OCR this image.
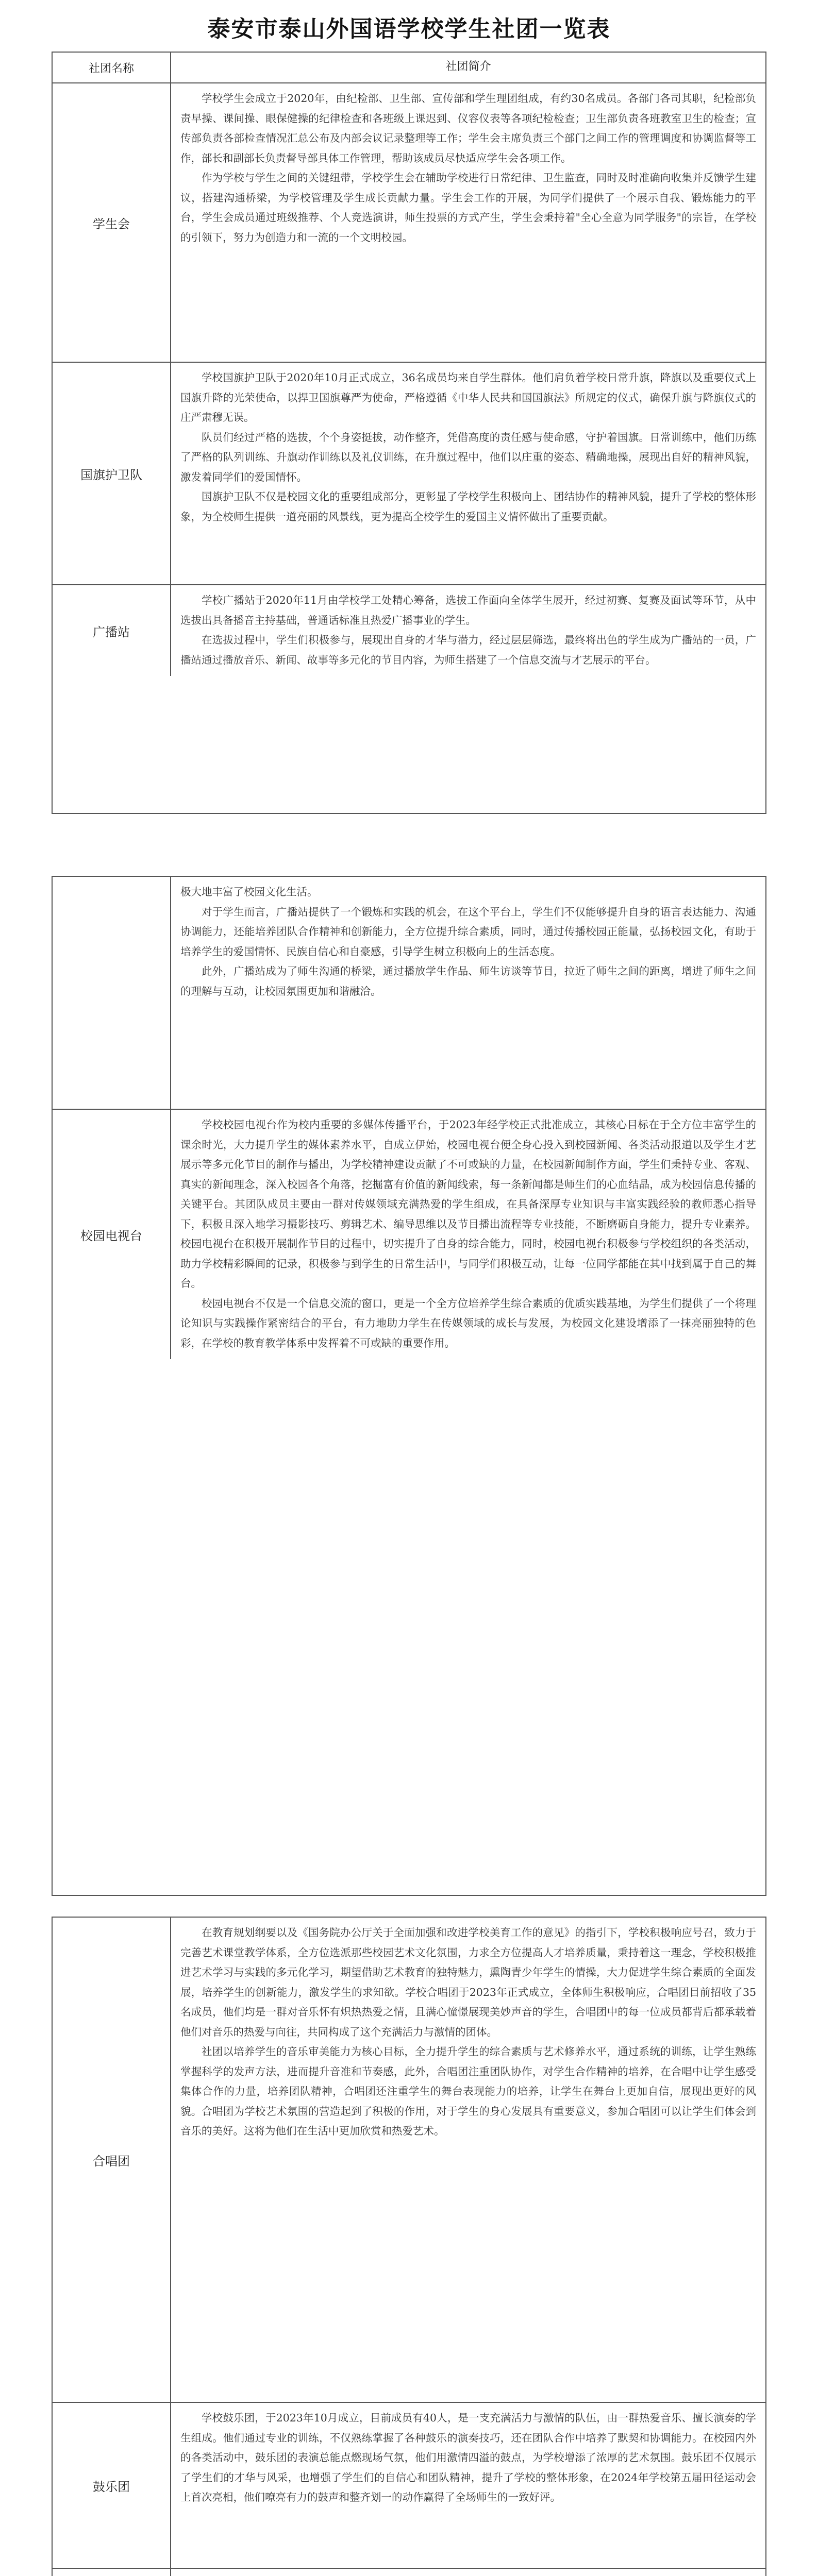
泰安市泰山外国语学校学生社团一览表
社团名称	社团简介
学生会

学校学生会成立于2020年，由纪检部、卫生部、宣传部和学生理团组成，有约30名成员。各部门各司其职，纪检部负责早操、课间操、眼保健操的纪律检查和各班级上课迟到、仪容仪表等各项纪检检查；卫生部负责各班教室卫生的检查；宣传部负责各部检查情况汇总公布及内部会议记录整理等工作；学生会主席负责三个部门之间工作的管理调度和协调监督等工作，部长和副部长负责督导部具体工作管理，帮助该成员尽快适应学生会各项工作。

作为学校与学生之间的关键纽带，学校学生会在辅助学校进行日常纪律、卫生监查，同时及时准确向收集并反馈学生建议，搭建沟通桥梁，为学校管理及学生成长贡献力量。学生会工作的开展，为同学们提供了一个展示自我、锻炼能力的平台，学生会成员通过班级推荐、个人竞选演讲，师生投票的方式产生，学生会秉持着"全心全意为同学服务"的宗旨，在学校的引领下，努力为创造力和一流的一个文明校园。

国旗护卫队

学校国旗护卫队于2020年10月正式成立，36名成员均来自学生群体。他们肩负着学校日常升旗，降旗以及重要仪式上国旗升降的光荣使命，以捍卫国旗尊严为使命，严格遵循《中华人民共和国国旗法》所规定的仪式，确保升旗与降旗仪式的庄严肃穆无误。

队员们经过严格的选拔，个个身姿挺拔，动作整齐，凭借高度的责任感与使命感，守护着国旗。日常训练中，他们历练了严格的队列训练、升旗动作训练以及礼仪训练，在升旗过程中，他们以庄重的姿态、精确地操，展现出自好的精神风貌，激发着同学们的爱国情怀。

国旗护卫队不仅是校园文化的重要组成部分，更彰显了学校学生积极向上、团结协作的精神风貌，提升了学校的整体形象，为全校师生提供一道亮丽的风景线，更为提高全校学生的爱国主义情怀做出了重要贡献。

广播站

学校广播站于2020年11月由学校学工处精心筹备，选拔工作面向全体学生展开，经过初赛、复赛及面试等环节，从中选拔出具备播音主持基础，普通话标准且热爱广播事业的学生。

在选拔过程中，学生们积极参与，展现出自身的才华与潜力，经过层层筛选，最终将出色的学生成为广播站的一员，广播站通过播放音乐、新闻、故事等多元化的节目内容，为师生搭建了一个信息交流与才艺展示的平台。

极大地丰富了校园文化生活。

对于学生而言，广播站提供了一个锻炼和实践的机会，在这个平台上，学生们不仅能够提升自身的语言表达能力、沟通协调能力，还能培养团队合作精神和创新能力，全方位提升综合素质，同时，通过传播校园正能量，弘扬校园文化，有助于培养学生的爱国情怀、民族自信心和自豪感，引导学生树立积极向上的生活态度。

此外，广播站成为了师生沟通的桥梁，通过播放学生作品、师生访谈等节目，拉近了师生之间的距离，增进了师生之间的理解与互动，让校园氛围更加和谐融洽。

校园电视台

学校校园电视台作为校内重要的多媒体传播平台，于2023年经学校正式批准成立，其核心目标在于全方位丰富学生的课余时光，大力提升学生的媒体素养水平，自成立伊始，校园电视台便全身心投入到校园新闻、各类活动报道以及学生才艺展示等多元化节目的制作与播出，为学校精神建设贡献了不可或缺的力量，在校园新闻制作方面，学生们秉持专业、客观、真实的新闻理念，深入校园各个角落，挖掘富有价值的新闻线索，每一条新闻都是师生们的心血结晶，成为校园信息传播的关键平台。其团队成员主要由一群对传媒领域充满热爱的学生组成，在具备深厚专业知识与丰富实践经验的教师悉心指导下，积极且深入地学习摄影技巧、剪辑艺术、编导思维以及节目播出流程等专业技能，不断磨砺自身能力，提升专业素养。校园电视台在积极开展制作节目的过程中，切实提升了自身的综合能力，同时，校园电视台积极参与学校组织的各类活动，助力学校精彩瞬间的记录，积极参与到学生的日常生活中，与同学们积极互动，让每一位同学都能在其中找到属于自己的舞台。

校园电视台不仅是一个信息交流的窗口，更是一个全方位培养学生综合素质的优质实践基地，为学生们提供了一个将理论知识与实践操作紧密结合的平台，有力地助力学生在传媒领域的成长与发展，为校园文化建设增添了一抹亮丽独特的色彩，在学校的教育教学体系中发挥着不可或缺的重要作用。

合唱团

在教育规划纲要以及《国务院办公厅关于全面加强和改进学校美育工作的意见》的指引下，学校积极响应号召，致力于完善艺术课堂教学体系，全方位选派那些校园艺术文化氛围，力求全方位提高人才培养质量，秉持着这一理念，学校积极推进艺术学习与实践的多元化学习，期望借助艺术教育的独特魅力，熏陶青少年学生的情操，大力促进学生综合素质的全面发展，培养学生的创新能力，激发学生的求知欲。学校合唱团于2023年正式成立，全体师生积极响应，合唱团目前招收了35名成员，他们均是一群对音乐怀有炽热热爱之情，且满心憧憬展现美妙声音的学生，合唱团中的每一位成员都背后都承载着他们对音乐的热爱与向往，共同构成了这个充满活力与激情的团体。

社团以培养学生的音乐审美能力为核心目标，全力提升学生的综合素质与艺术修养水平，通过系统的训练，让学生熟练掌握科学的发声方法，进而提升音准和节奏感，此外，合唱团注重团队协作，对学生合作精神的培养，在合唱中让学生感受集体合作的力量，培养团队精神，合唱团还注重学生的舞台表现能力的培养，让学生在舞台上更加自信，展现出更好的风貌。合唱团为学校艺术氛围的营造起到了积极的作用，对于学生的身心发展具有重要意义，参加合唱团可以让学生们体会到音乐的美好。这将为他们在生活中更加欣赏和热爱艺术。

鼓乐团

学校鼓乐团，于2023年10月成立，目前成员有40人，是一支充满活力与激情的队伍，由一群热爱音乐、擅长演奏的学生组成。他们通过专业的训练，不仅熟练掌握了各种鼓乐的演奏技巧，还在团队合作中培养了默契和协调能力。在校园内外的各类活动中，鼓乐团的表演总能点燃现场气氛，他们用激情四溢的鼓点，为学校增添了浓厚的艺术氛围。鼓乐团不仅展示了学生们的才华与风采，也增强了学生们的自信心和团队精神，提升了学校的整体形象，在2024年学校第五届田径运动会上首次亮相，他们嘹亮有力的鼓声和整齐划一的动作赢得了全场师生的一致好评。
